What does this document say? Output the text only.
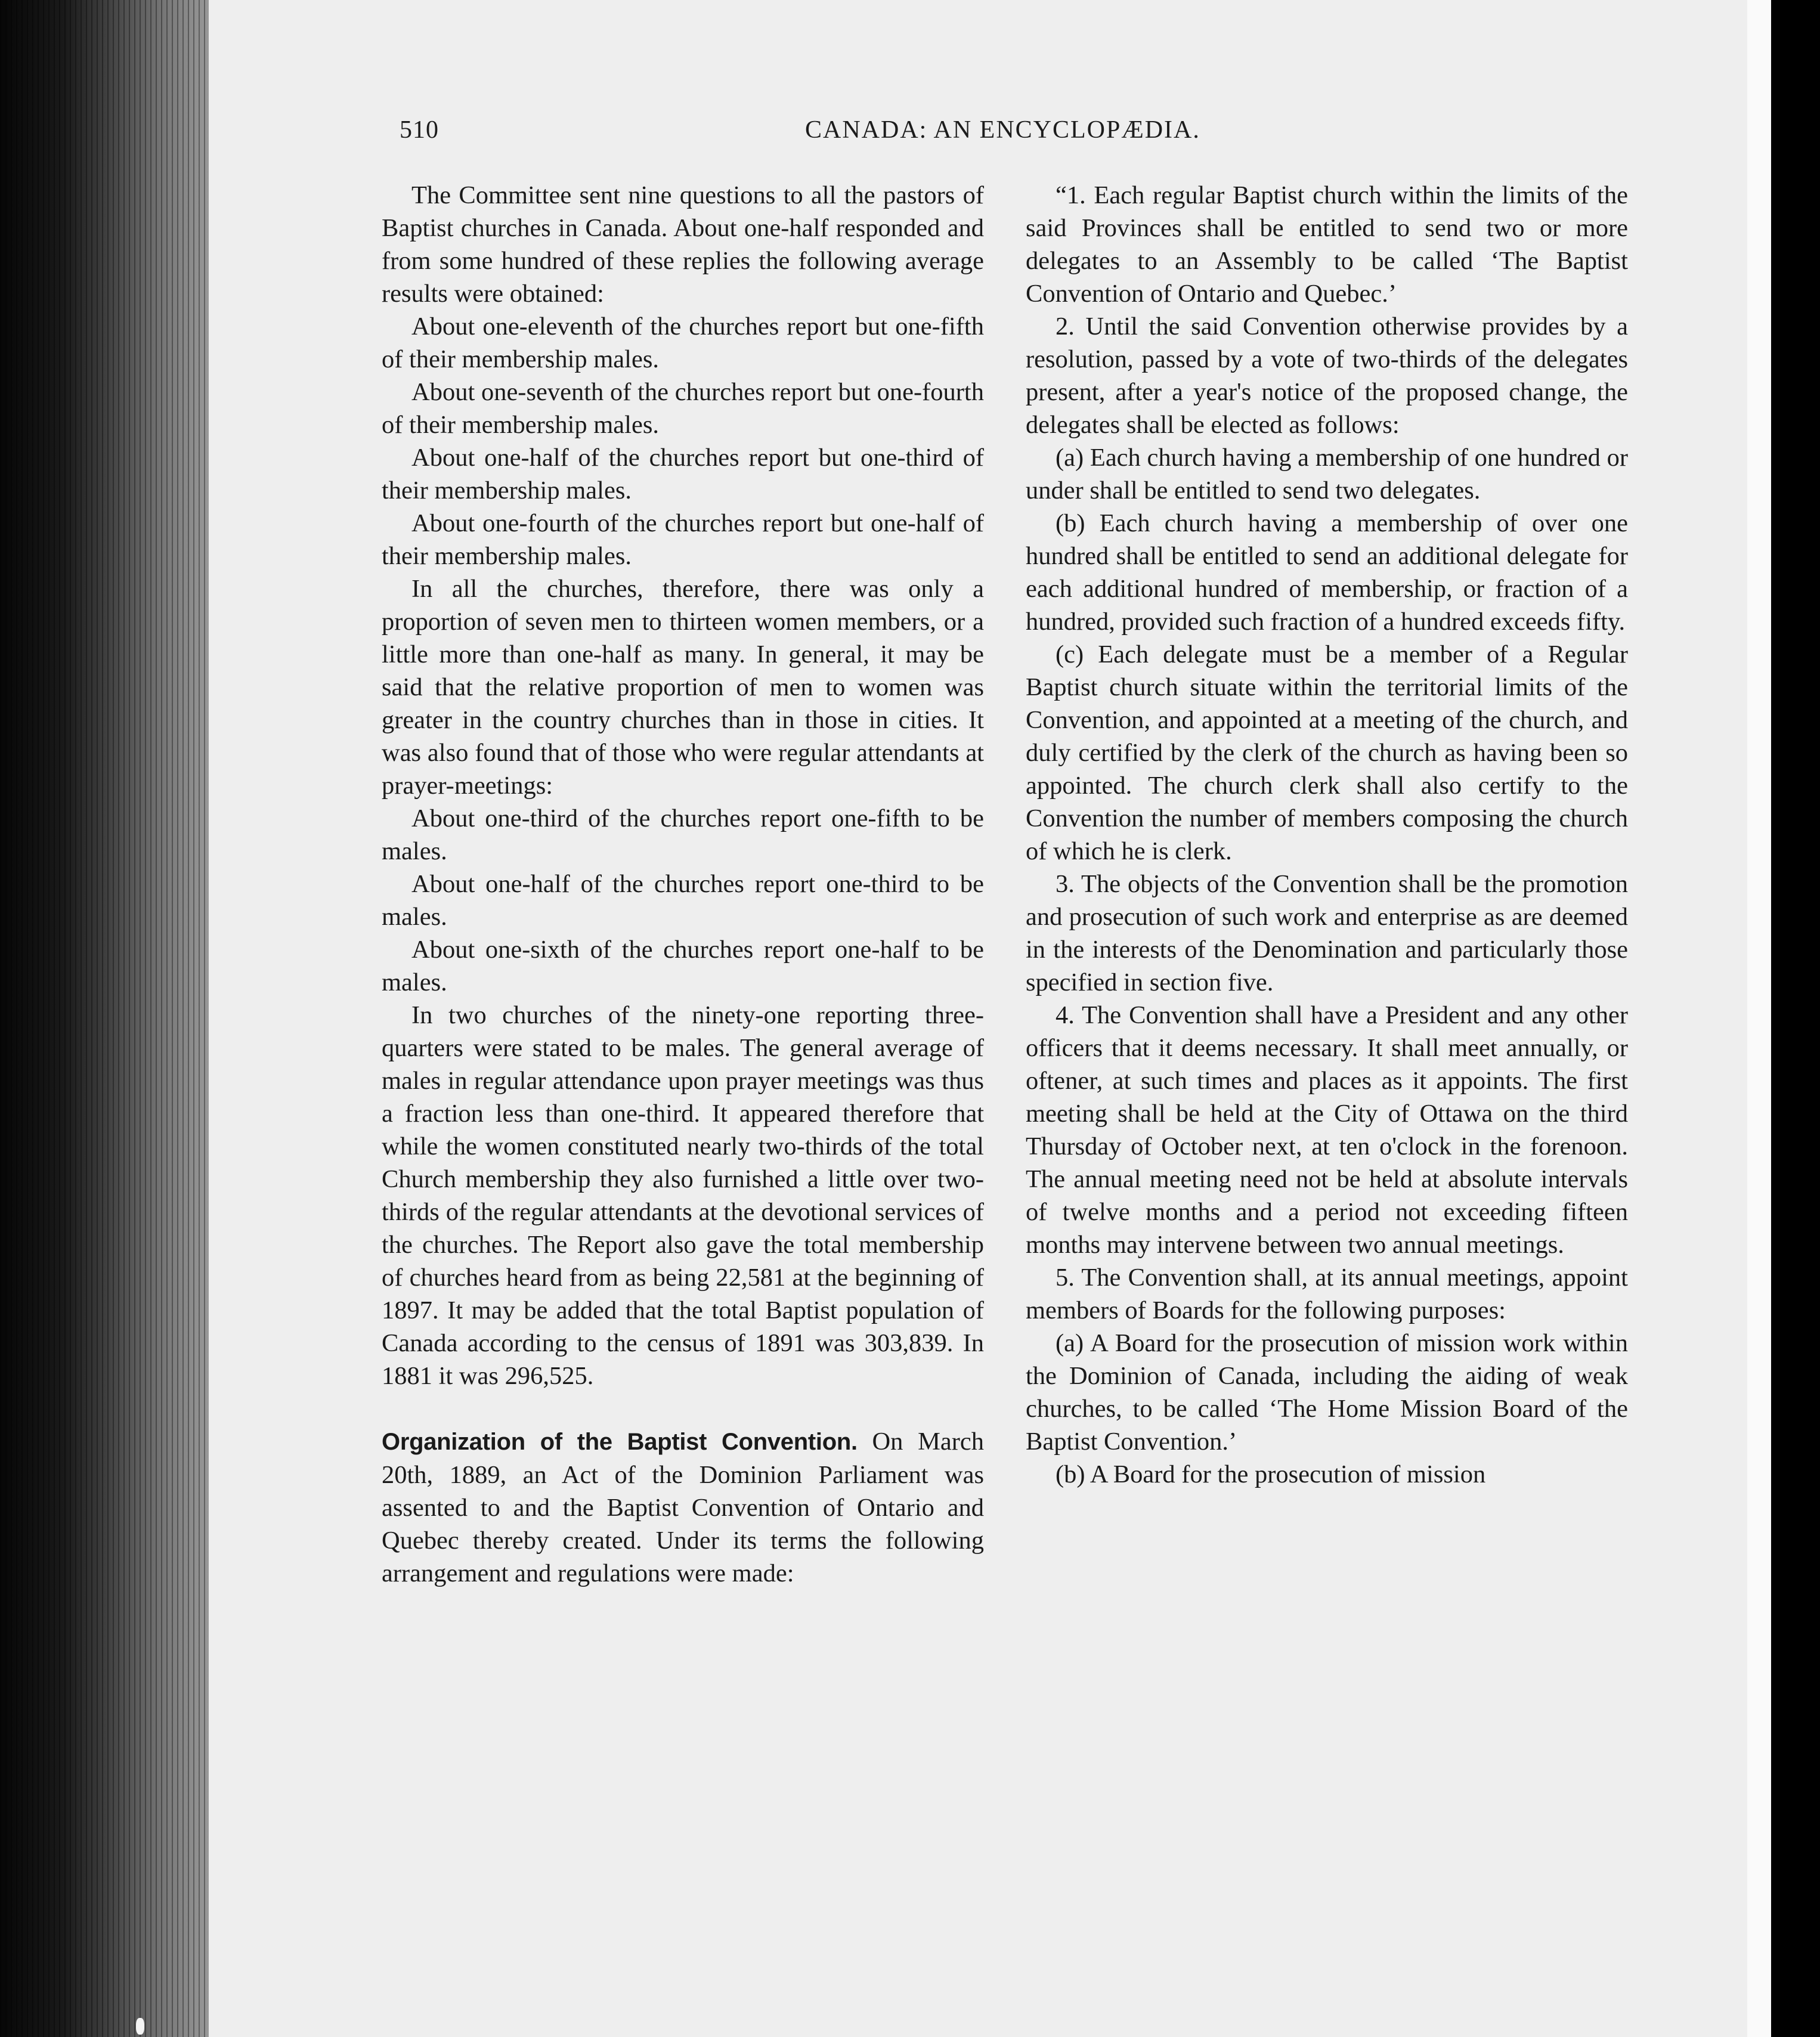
510	CANADA: AN ENCYCLOPÆDIA.

The Committee sent nine questions to all the pastors of Baptist churches in Canada. About one-half responded and from some hundred of these replies the following average results were obtained:

About one-eleventh of the churches report but one-fifth of their membership males.

About one-seventh of the churches report but one-fourth of their membership males.

About one-half of the churches report but one-third of their membership males.

About one-fourth of the churches report but one-half of their membership males.

In all the churches, therefore, there was only a proportion of seven men to thirteen women members, or a little more than one-half as many. In general, it may be said that the relative proportion of men to women was greater in the country churches than in those in cities. It was also found that of those who were regular attendants at prayer-meetings:

About one-third of the churches report one-fifth to be males.

About one-half of the churches report one-third to be males.

About one-sixth of the churches report one-half to be males.

In two churches of the ninety-one reporting three-quarters were stated to be males. The general average of males in regular attendance upon prayer meetings was thus a fraction less than one-third. It appeared therefore that while the women constituted nearly two-thirds of the total Church membership they also furnished a little over two-thirds of the regular attendants at the devotional services of the churches. The Report also gave the total membership of churches heard from as being 22,581 at the beginning of 1897. It may be added that the total Baptist population of Canada according to the census of 1891 was 303,839. In 1881 it was 296,525.

Organization of the Baptist Convention. On March 20th, 1889, an Act of the Dominion Parliament was assented to and the Baptist Convention of Ontario and Quebec thereby created. Under its terms the following arrangement and regulations were made:

“1. Each regular Baptist church within the limits of the said Provinces shall be entitled to send two or more delegates to an Assembly to be called ‘The Baptist Convention of Ontario and Quebec.’

2. Until the said Convention otherwise provides by a resolution, passed by a vote of two-thirds of the delegates present, after a year's notice of the proposed change, the delegates shall be elected as follows:

(a) Each church having a membership of one hundred or under shall be entitled to send two delegates.

(b) Each church having a membership of over one hundred shall be entitled to send an additional delegate for each additional hundred of membership, or fraction of a hundred, provided such fraction of a hundred exceeds fifty.

(c) Each delegate must be a member of a Regular Baptist church situate within the territorial limits of the Convention, and appointed at a meeting of the church, and duly certified by the clerk of the church as having been so appointed. The church clerk shall also certify to the Convention the number of members composing the church of which he is clerk.

3. The objects of the Convention shall be the promotion and prosecution of such work and enterprise as are deemed in the interests of the Denomination and particularly those specified in section five.

4. The Convention shall have a President and any other officers that it deems necessary. It shall meet annually, or oftener, at such times and places as it appoints. The first meeting shall be held at the City of Ottawa on the third Thursday of October next, at ten o'clock in the forenoon. The annual meeting need not be held at absolute intervals of twelve months and a period not exceeding fifteen months may intervene between two annual meetings.

5. The Convention shall, at its annual meetings, appoint members of Boards for the following purposes:

(a) A Board for the prosecution of mission work within the Dominion of Canada, including the aiding of weak churches, to be called ‘The Home Mission Board of the Baptist Convention.’

(b) A Board for the prosecution of mission
